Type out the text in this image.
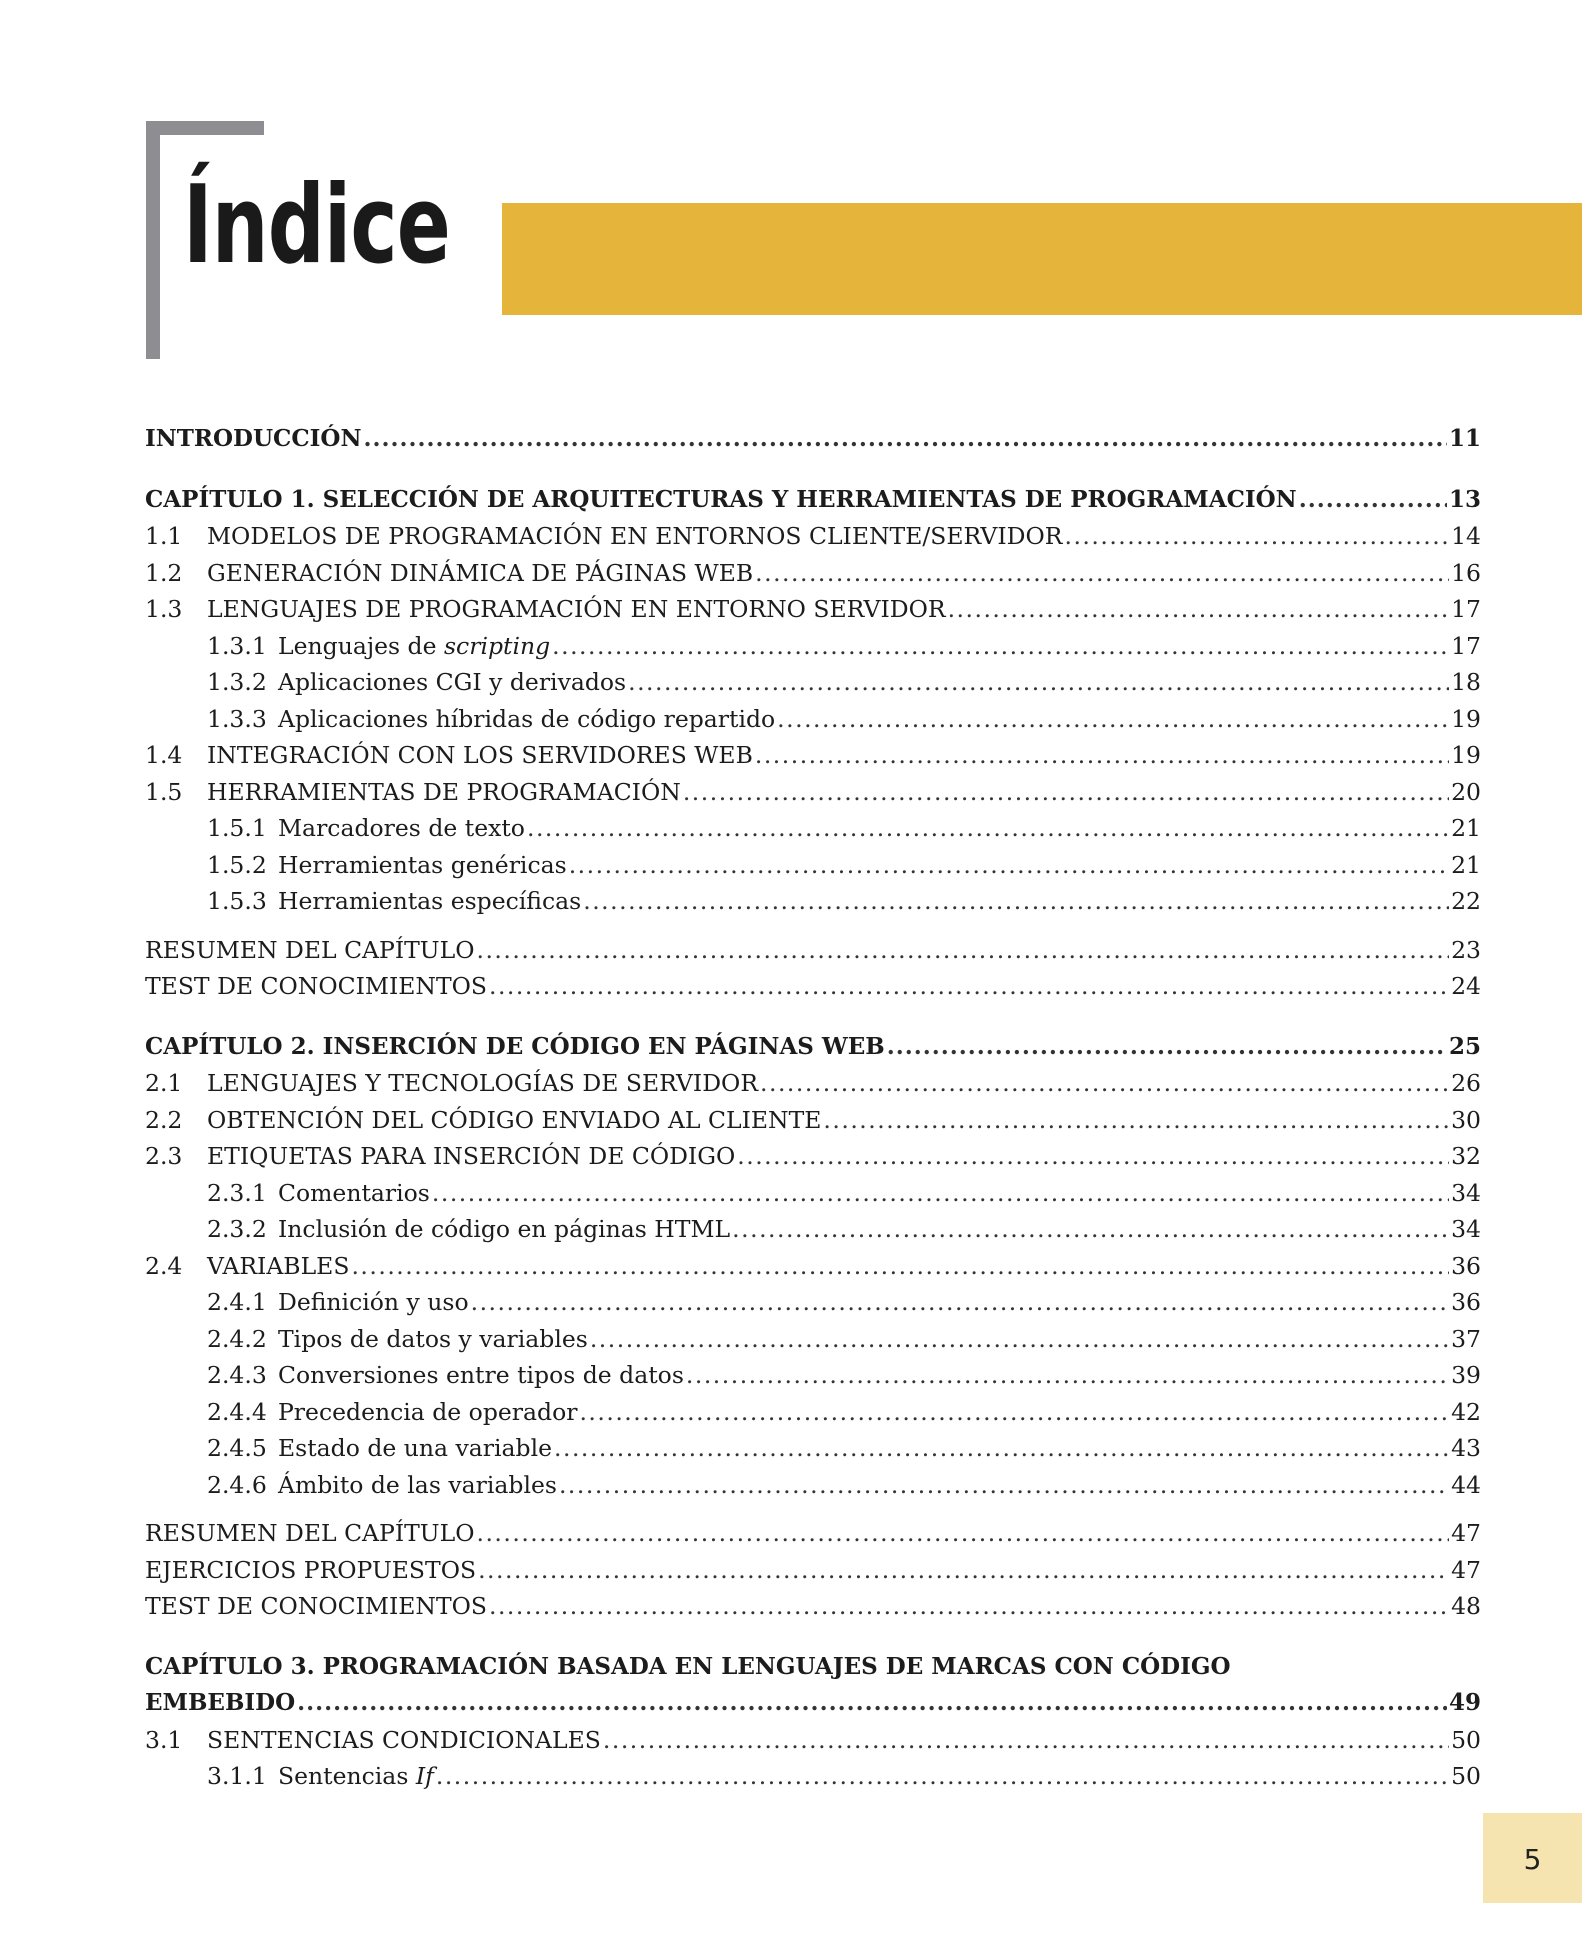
Índice
INTRODUCCIÓN .....	11
CAPÍTULO 1. SELECCIÓN DE ARQUITECTURAS Y HERRAMIENTAS DE PROGRAMACIÓN .....	13
1.1	MODELOS DE PROGRAMACIÓN EN ENTORNOS CLIENTE/SERVIDOR .....	14
1.2	GENERACIÓN DINÁMICA DE PÁGINAS WEB .....	16
1.3	LENGUAJES DE PROGRAMACIÓN EN ENTORNO SERVIDOR .....	17
1.3.1 Lenguajes de scripting .....	17
1.3.2 Aplicaciones CGI y derivados .....	18
1.3.3 Aplicaciones híbridas de código repartido .....	19
1.4	INTEGRACIÓN CON LOS SERVIDORES WEB .....	19
1.5	HERRAMIENTAS DE PROGRAMACIÓN .....	20
1.5.1 Marcadores de texto .....	21
1.5.2 Herramientas genéricas .....	21
1.5.3 Herramientas específicas .....	22
RESUMEN DEL CAPÍTULO .....	23
TEST DE CONOCIMIENTOS .....	24
CAPÍTULO 2. INSERCIÓN DE CÓDIGO EN PÁGINAS WEB .....	25
2.1	LENGUAJES Y TECNOLOGÍAS DE SERVIDOR .....	26
2.2	OBTENCIÓN DEL CÓDIGO ENVIADO AL CLIENTE .....	30
2.3	ETIQUETAS PARA INSERCIÓN DE CÓDIGO .....	32
2.3.1 Comentarios .....	34
2.3.2 Inclusión de código en páginas HTML .....	34
2.4	VARIABLES .....	36
2.4.1 Definición y uso .....	36
2.4.2 Tipos de datos y variables .....	37
2.4.3 Conversiones entre tipos de datos .....	39
2.4.4 Precedencia de operador .....	42
2.4.5 Estado de una variable .....	43
2.4.6 Ámbito de las variables .....	44
RESUMEN DEL CAPÍTULO .....	47
EJERCICIOS PROPUESTOS .....	47
TEST DE CONOCIMIENTOS .....	48
CAPÍTULO 3. PROGRAMACIÓN BASADA EN LENGUAJES DE MARCAS CON CÓDIGO
EMBEBIDO .....	49
3.1	SENTENCIAS CONDICIONALES .....	50
3.1.1 Sentencias If .....	50
5
